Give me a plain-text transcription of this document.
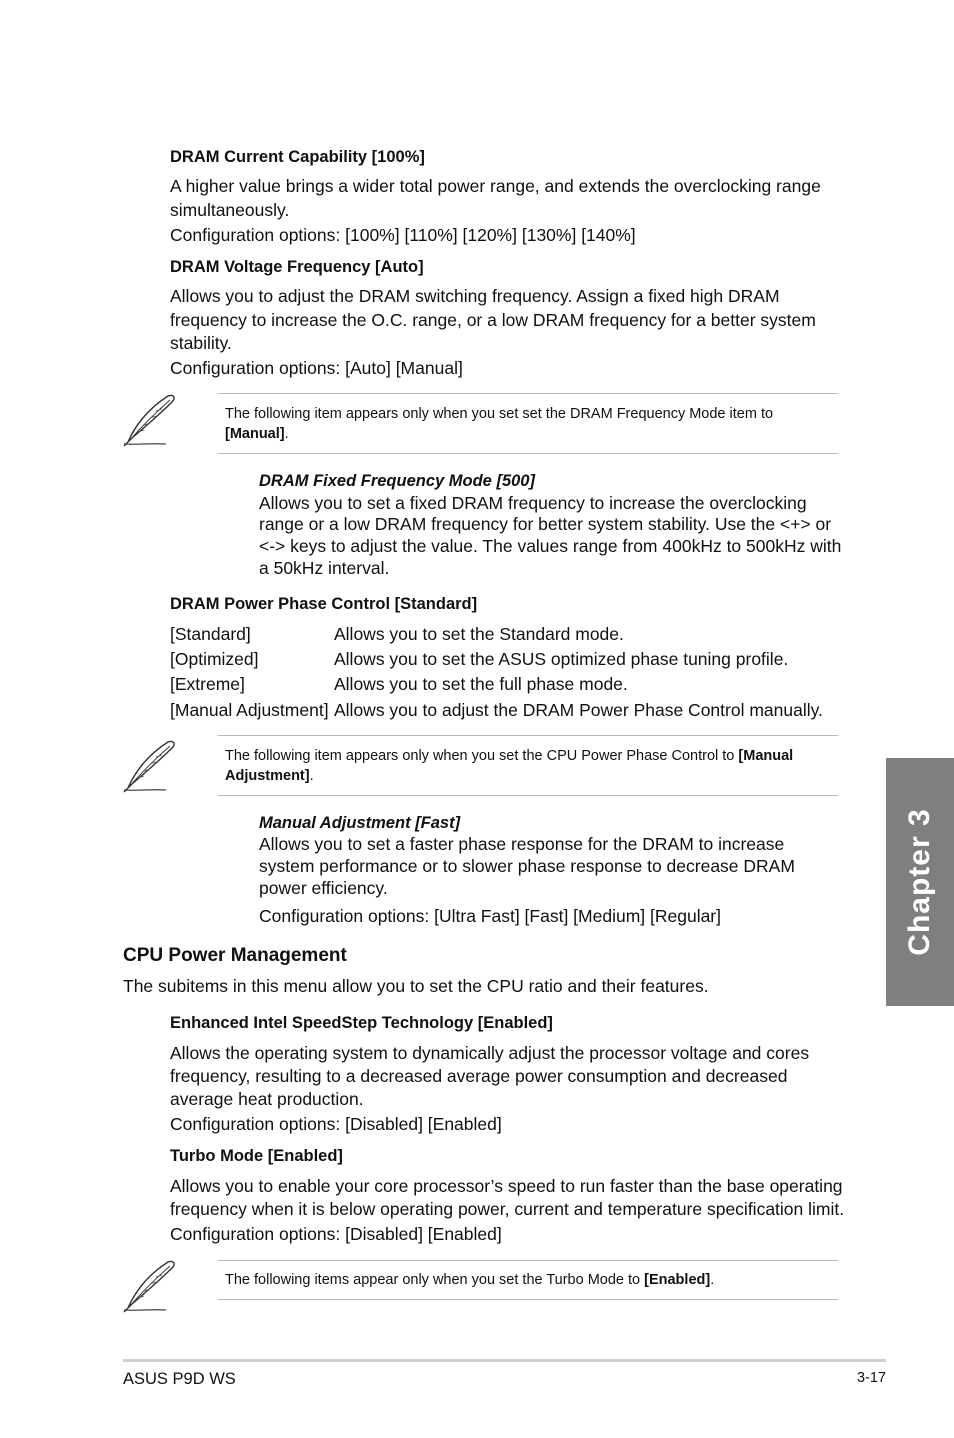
DRAM Current Capability [100%]
A higher value brings a wider total power range, and extends the overclocking range
simultaneously.
Configuration options: [100%] [110%] [120%] [130%] [140%]
DRAM Voltage Frequency [Auto]
Allows you to adjust the DRAM switching frequency. Assign a fixed high DRAM
frequency to increase the O.C. range, or a low DRAM frequency for a better system
stability.
Configuration options: [Auto] [Manual]
The following item appears only when you set set the DRAM Frequency Mode item to
[Manual].
DRAM Fixed Frequency Mode [500]
Allows you to set a fixed DRAM frequency to increase the overclocking
range or a low DRAM frequency for better system stability. Use the <+> or
<-> keys to adjust the value. The values range from 400kHz to 500kHz with
a 50kHz interval.
DRAM Power Phase Control [Standard]
[Standard]	Allows you to set the Standard mode.
[Optimized]	Allows you to set the ASUS optimized phase tuning profile.
[Extreme]	Allows you to set the full phase mode.
[Manual Adjustment] Allows you to adjust the DRAM Power Phase Control manually.
The following item appears only when you set the CPU Power Phase Control to [Manual
Adjustment].
Manual Adjustment [Fast]
Allows you to set a faster phase response for the DRAM to increase
system performance or to slower phase response to decrease DRAM
power efficiency.
Configuration options: [Ultra Fast] [Fast] [Medium] [Regular]
CPU Power Management
The subitems in this menu allow you to set the CPU ratio and their features.
Enhanced Intel SpeedStep Technology [Enabled]
Allows the operating system to dynamically adjust the processor voltage and cores
frequency, resulting to a decreased average power consumption and decreased
average heat production.
Configuration options: [Disabled] [Enabled]
Turbo Mode [Enabled]
Allows you to enable your core processor’s speed to run faster than the base operating
frequency when it is below operating power, current and temperature specification limit.
Configuration options: [Disabled] [Enabled]
The following items appear only when you set the Turbo Mode to [Enabled].
Chapter 3
ASUS P9D WS	3-17
